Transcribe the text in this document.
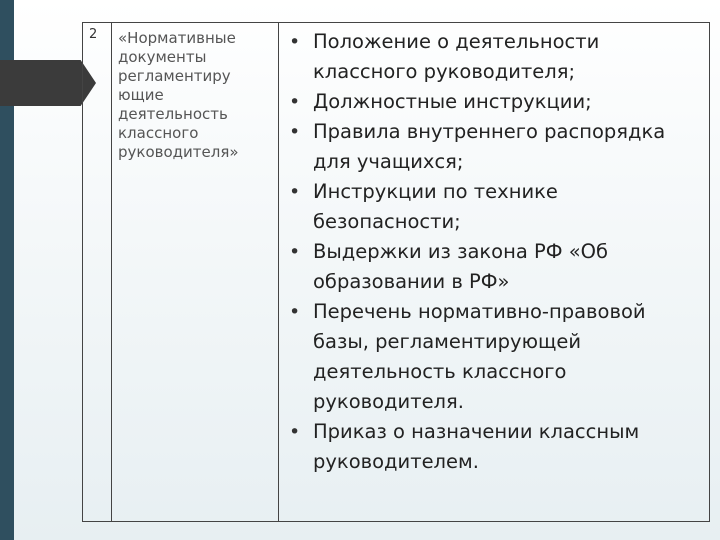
2	«Нормативные
документы
регламентиру
ющие
деятельность
классного
руководителя»

• Положение о деятельности классного руководителя;
• Должностные инструкции;
• Правила внутреннего распорядка для учащихся;
• Инструкции по технике безопасности;
• Выдержки из закона РФ «Об образовании в РФ»
• Перечень нормативно-правовой базы, регламентирующей деятельность классного руководителя.
• Приказ о назначении классным руководителем.
